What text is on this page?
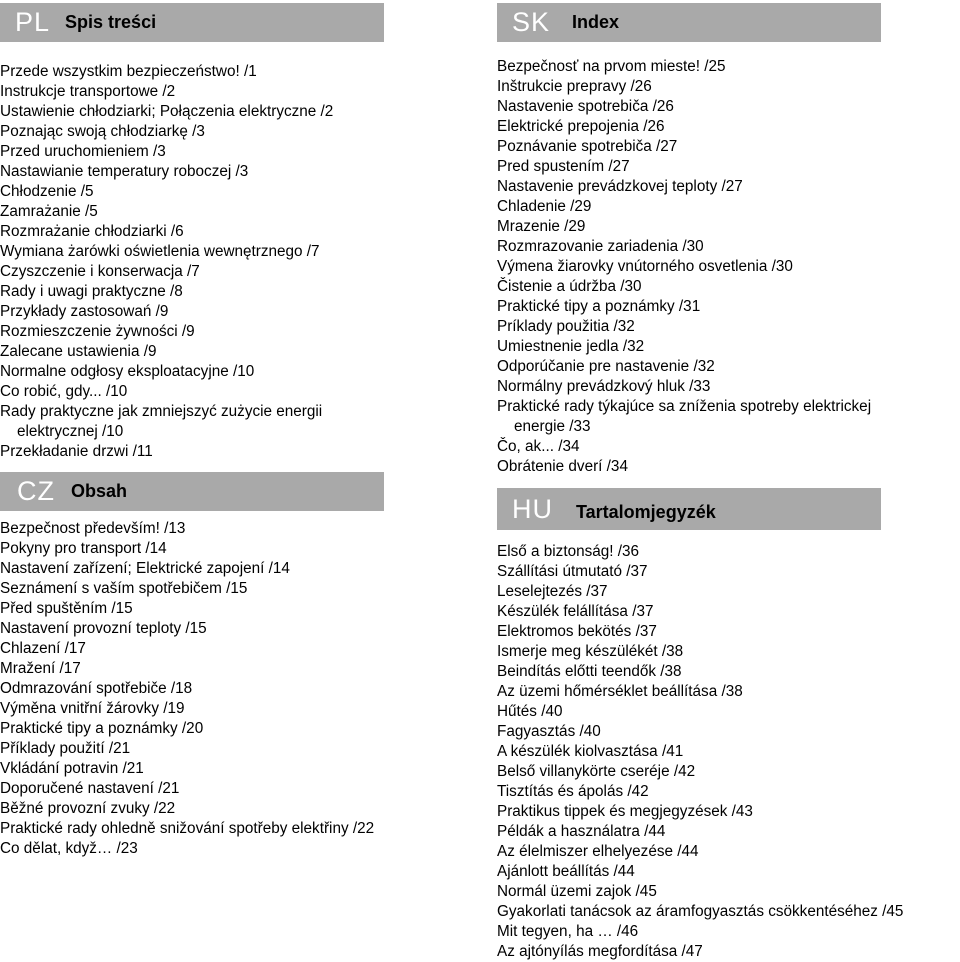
PL Spis treści
Przede wszystkim bezpieczeństwo! /1
Instrukcje transportowe /2
Ustawienie chłodziarki; Połączenia elektryczne /2
Poznając swoją chłodziarkę /3
Przed uruchomieniem /3
Nastawianie temperatury roboczej /3
Chłodzenie /5
Zamrażanie /5
Rozmrażanie chłodziarki /6
Wymiana żarówki oświetlenia wewnętrznego /7
Czyszczenie i konserwacja /7
Rady i uwagi praktyczne /8
Przykłady zastosowań /9
Rozmieszczenie żywności /9
Zalecane ustawienia /9
Normalne odgłosy eksploatacyjne /10
Co robić, gdy... /10
Rady praktyczne jak zmniejszyć zużycie energii
elektrycznej /10
Przekładanie drzwi /11
CZ Obsah
Bezpečnost především! /13
Pokyny pro transport /14
Nastavení zařízení; Elektrické zapojení /14
Seznámení s vaším spotřebičem /15
Před spuštěním /15
Nastavení provozní teploty /15
Chlazení /17
Mražení /17
Odmrazování spotřebiče /18
Výměna vnitřní žárovky /19
Praktické tipy a poznámky /20
Příklady použití /21
Vkládání potravin /21
Doporučené nastavení /21
Běžné provozní zvuky /22
Praktické rady ohledně snižování spotřeby elektřiny /22
Co dělat, když… /23
SK Index
Bezpečnosť na prvom mieste! /25
Inštrukcie prepravy /26
Nastavenie spotrebiča /26
Elektrické prepojenia /26
Poznávanie spotrebiča /27
Pred spustením /27
Nastavenie prevádzkovej teploty /27
Chladenie /29
Mrazenie /29
Rozmrazovanie zariadenia /30
Výmena žiarovky vnútorného osvetlenia /30
Čistenie a údržba /30
Praktické tipy a poznámky /31
Príklady použitia /32
Umiestnenie jedla /32
Odporúčanie pre nastavenie /32
Normálny prevádzkový hluk /33
Praktické rady týkajúce sa zníženia spotreby elektrickej
energie /33
Čo, ak... /34
Obrátenie dverí /34
HU Tartalomjegyzék
Első a biztonság! /36
Szállítási útmutató /37
Leselejtezés /37
Készülék felállítása /37
Elektromos bekötés /37
Ismerje meg készülékét /38
Beindítás előtti teendők /38
Az üzemi hőmérséklet beállítása /38
Hűtés /40
Fagyasztás /40
A készülék kiolvasztása /41
Belső villanykörte cseréje /42
Tisztítás és ápolás /42
Praktikus tippek és megjegyzések /43
Példák a használatra /44
Az élelmiszer elhelyezése /44
Ajánlott beállítás /44
Normál üzemi zajok /45
Gyakorlati tanácsok az áramfogyasztás csökkentéséhez /45
Mit tegyen, ha … /46
Az ajtónyílás megfordítása /47
